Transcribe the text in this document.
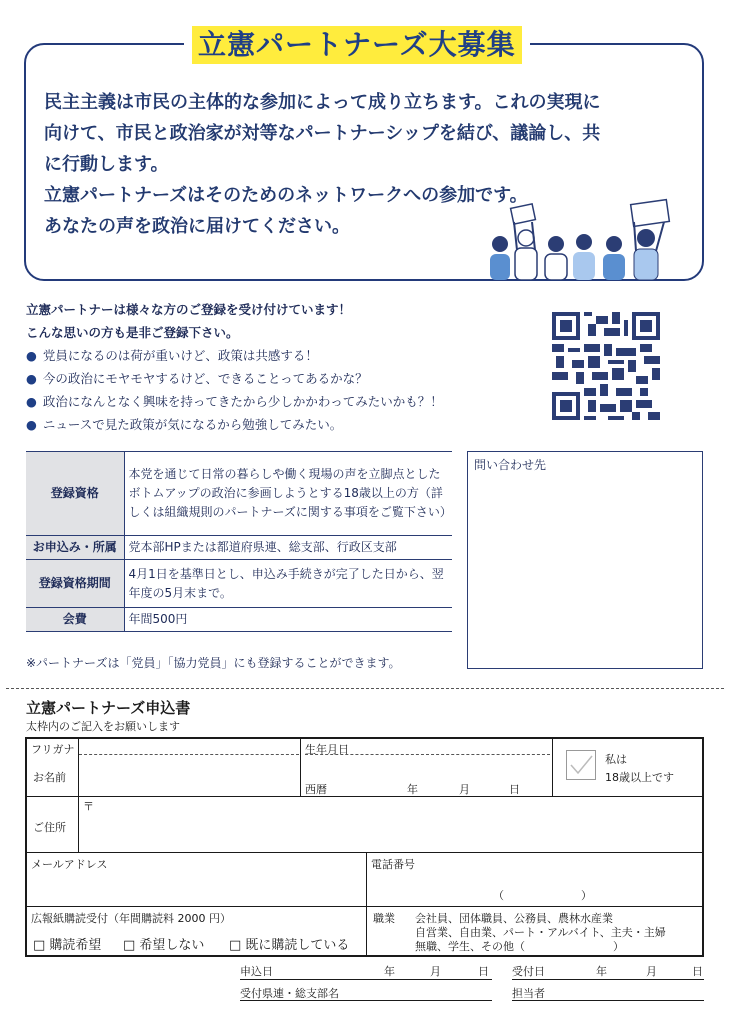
立憲パートナーズ大募集

民主主義は市民の主体的な参加によって成り立ちます。これの実現に

向けて、市民と政治家が対等なパートナーシップを結び、議論し、共

に行動します。

立憲パートナーズはそのためのネットワークへの参加です。

あなたの声を政治に届けてください。

立憲パートナーは様々な方のご登録を受け付けています！
こんな思いの方も是非ご登録下さい。
● 党員になるのは荷が重いけど、政策は共感する！
● 今の政治にモヤモヤするけど、できることってあるかな？
● 政治になんとなく興味を持ってきたから少しかかわってみたいかも？！
● ニュースで見た政策が気になるから勉強してみたい。
登録資格	本党を通じて日常の暮らしや働く現場の声を立脚点としたボトムアップの政治に参画しようとする18歳以上の方（詳しくは組織規則のパートナーズに関する事項をご覧下さい）
お申込み・所属	党本部HPまたは都道府県連、総支部、行政区支部
登録資格期間	4月1日を基準日とし、申込み手続きが完了した日から、翌年度の5月末まで。
会費	年間500円
※パートナーズは「党員」「協力党員」にも登録することができます。
問い合わせ先
立憲パートナーズ申込書
太枠内のご記入をお願いします
フリガナ
お名前
生年月日
西暦	年	月	日
私は
18歳以上です
〒
ご住所
メールアドレス	電話番号
（　　　　　　　）
広報紙購読受付（年間購読料 2000 円）
□ 購読希望 □ 希望しない □ 既に購読している
職業 会社員、団体職員、公務員、農林水産業
自営業、自由業、パート・アルバイト、主夫・主婦
無職、学生、その他（　　　　　　　　）
申込日	年	月	日 受付日	年	月	日
受付県連・総支部名	担当者
